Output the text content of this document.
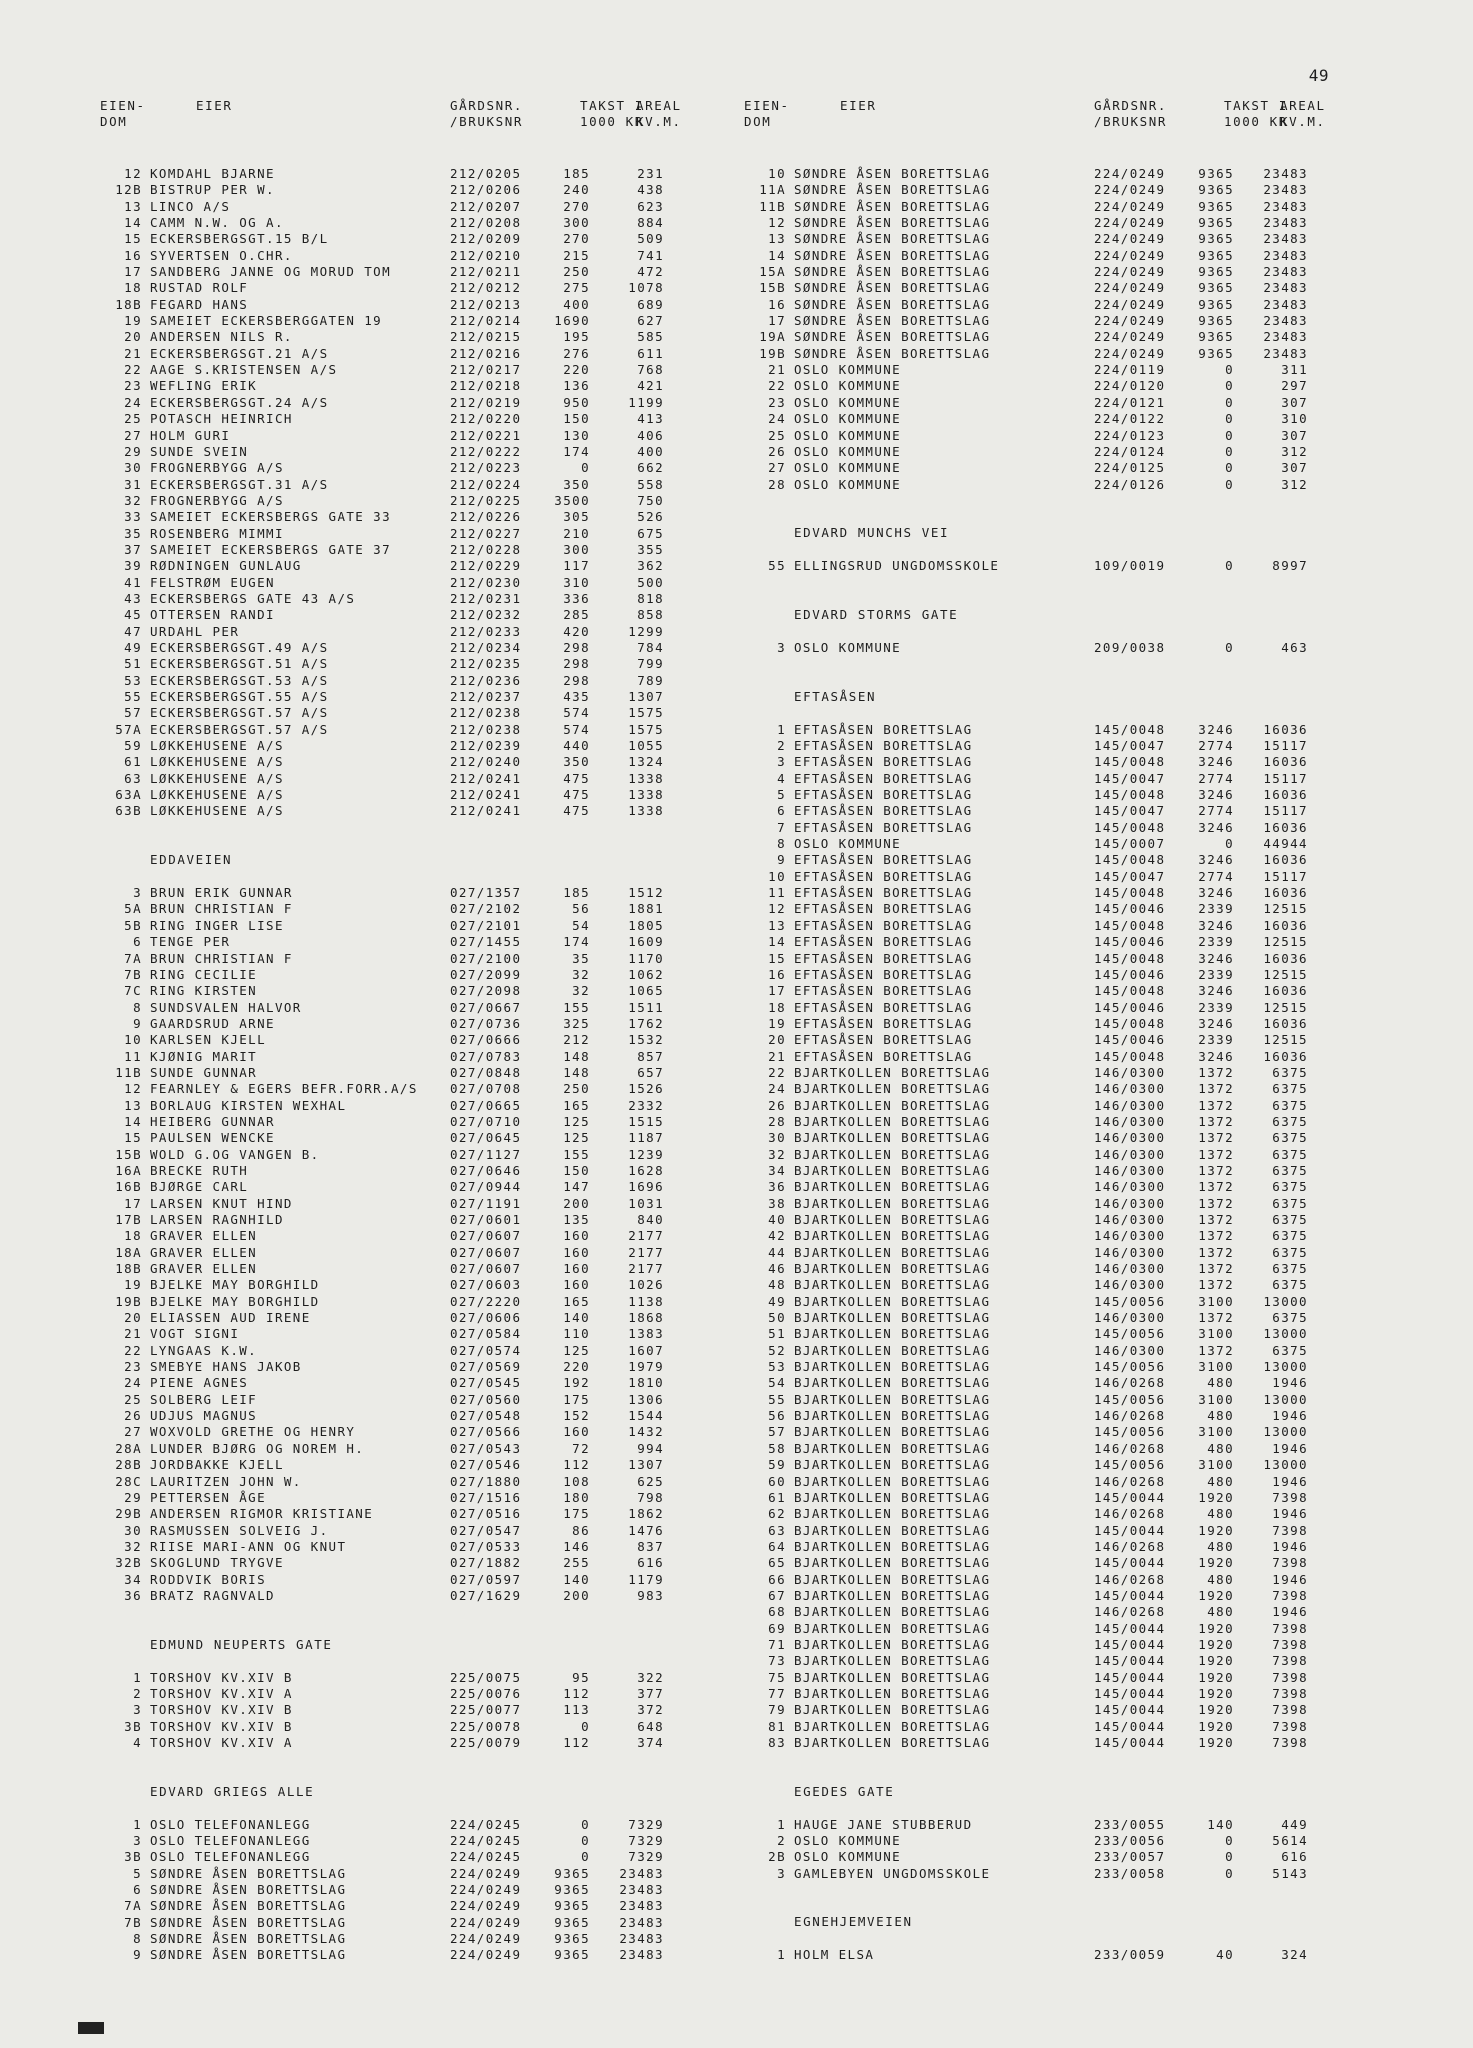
49
EIEN-
DOM
EIER	GÅRDSNR.
/BRUKSNR
TAKST I
1000 KR
AREAL
KV.M.
12 KOMDAHL BJARNE	212/0205	185	231
12B BISTRUP PER W.	212/0206	240	438
13 LINCO A/S	212/0207	270	623
14 CAMM N.W. OG A.	212/0208	300	884
15 ECKERSBERGSGT.15 B/L	212/0209	270	509
16 SYVERTSEN O.CHR.	212/0210	215	741
17 SANDBERG JANNE OG MORUD TOM	212/0211	250	472
18 RUSTAD ROLF	212/0212	275	1078
18B FEGARD HANS	212/0213	400	689
19 SAMEIET ECKERSBERGGATEN 19	212/0214	1690	627
20 ANDERSEN NILS R.	212/0215	195	585
21 ECKERSBERGSGT.21 A/S	212/0216	276	611
22 AAGE S.KRISTENSEN A/S	212/0217	220	768
23 WEFLING ERIK	212/0218	136	421
24 ECKERSBERGSGT.24 A/S	212/0219	950	1199
25 POTASCH HEINRICH	212/0220	150	413
27 HOLM GURI	212/0221	130	406
29 SUNDE SVEIN	212/0222	174	400
30 FROGNERBYGG A/S	212/0223	0	662
31 ECKERSBERGSGT.31 A/S	212/0224	350	558
32 FROGNERBYGG A/S	212/0225	3500	750
33 SAMEIET ECKERSBERGS GATE 33	212/0226	305	526
35 ROSENBERG MIMMI	212/0227	210	675
37 SAMEIET ECKERSBERGS GATE 37	212/0228	300	355
39 RØDNINGEN GUNLAUG	212/0229	117	362
41 FELSTRØM EUGEN	212/0230	310	500
43 ECKERSBERGS GATE 43 A/S	212/0231	336	818
45 OTTERSEN RANDI	212/0232	285	858
47 URDAHL PER	212/0233	420	1299
49 ECKERSBERGSGT.49 A/S	212/0234	298	784
51 ECKERSBERGSGT.51 A/S	212/0235	298	799
53 ECKERSBERGSGT.53 A/S	212/0236	298	789
55 ECKERSBERGSGT.55 A/S	212/0237	435	1307
57 ECKERSBERGSGT.57 A/S	212/0238	574	1575
57A ECKERSBERGSGT.57 A/S	212/0238	574	1575
59 LØKKEHUSENE A/S	212/0239	440	1055
61 LØKKEHUSENE A/S	212/0240	350	1324
63 LØKKEHUSENE A/S	212/0241	475	1338
63A LØKKEHUSENE A/S	212/0241	475	1338
63B LØKKEHUSENE A/S	212/0241	475	1338
EDDAVEIEN
3 BRUN ERIK GUNNAR	027/1357	185	1512
5A BRUN CHRISTIAN F	027/2102	56	1881
5B RING INGER LISE	027/2101	54	1805
6 TENGE PER	027/1455	174	1609
7A BRUN CHRISTIAN F	027/2100	35	1170
7B RING CECILIE	027/2099	32	1062
7C RING KIRSTEN	027/2098	32	1065
8 SUNDSVALEN HALVOR	027/0667	155	1511
9 GAARDSRUD ARNE	027/0736	325	1762
10 KARLSEN KJELL	027/0666	212	1532
11 KJØNIG MARIT	027/0783	148	857
11B SUNDE GUNNAR	027/0848	148	657
12 FEARNLEY & EGERS BEFR.FORR.A/S	027/0708	250	1526
13 BORLAUG KIRSTEN WEXHAL	027/0665	165	2332
14 HEIBERG GUNNAR	027/0710	125	1515
15 PAULSEN WENCKE	027/0645	125	1187
15B WOLD G.OG VANGEN B.	027/1127	155	1239
16A BRECKE RUTH	027/0646	150	1628
16B BJØRGE CARL	027/0944	147	1696
17 LARSEN KNUT HIND	027/1191	200	1031
17B LARSEN RAGNHILD	027/0601	135	840
18 GRAVER ELLEN	027/0607	160	2177
18A GRAVER ELLEN	027/0607	160	2177
18B GRAVER ELLEN	027/0607	160	2177
19 BJELKE MAY BORGHILD	027/0603	160	1026
19B BJELKE MAY BORGHILD	027/2220	165	1138
20 ELIASSEN AUD IRENE	027/0606	140	1868
21 VOGT SIGNI	027/0584	110	1383
22 LYNGAAS K.W.	027/0574	125	1607
23 SMEBYE HANS JAKOB	027/0569	220	1979
24 PIENE AGNES	027/0545	192	1810
25 SOLBERG LEIF	027/0560	175	1306
26 UDJUS MAGNUS	027/0548	152	1544
27 WOXVOLD GRETHE OG HENRY	027/0566	160	1432
28A LUNDER BJØRG OG NOREM H.	027/0543	72	994
28B JORDBAKKE KJELL	027/0546	112	1307
28C LAURITZEN JOHN W.	027/1880	108	625
29 PETTERSEN ÅGE	027/1516	180	798
29B ANDERSEN RIGMOR KRISTIANE	027/0516	175	1862
30 RASMUSSEN SOLVEIG J.	027/0547	86	1476
32 RIISE MARI-ANN OG KNUT	027/0533	146	837
32B SKOGLUND TRYGVE	027/1882	255	616
34 RODDVIK BORIS	027/0597	140	1179
36 BRATZ RAGNVALD	027/1629	200	983
EDMUND NEUPERTS GATE
1 TORSHOV KV.XIV B	225/0075	95	322
2 TORSHOV KV.XIV A	225/0076	112	377
3 TORSHOV KV.XIV B	225/0077	113	372
3B TORSHOV KV.XIV B	225/0078	0	648
4 TORSHOV KV.XIV A	225/0079	112	374
EDVARD GRIEGS ALLE
1 OSLO TELEFONANLEGG	224/0245	0	7329
3 OSLO TELEFONANLEGG	224/0245	0	7329
3B OSLO TELEFONANLEGG	224/0245	0	7329
5 SØNDRE ÅSEN BORETTSLAG	224/0249	9365 23483
6 SØNDRE ÅSEN BORETTSLAG	224/0249	9365 23483
7A SØNDRE ÅSEN BORETTSLAG	224/0249	9365 23483
7B SØNDRE ÅSEN BORETTSLAG	224/0249	9365 23483
8 SØNDRE ÅSEN BORETTSLAG	224/0249	9365 23483
9 SØNDRE ÅSEN BORETTSLAG	224/0249	9365 23483
EIEN-
DOM
EIER	GÅRDSNR.
/BRUKSNR
TAKST I
1000 KR
AREAL
KV.M.
10 SØNDRE ÅSEN BORETTSLAG	224/0249	9365 23483
11A SØNDRE ÅSEN BORETTSLAG	224/0249	9365 23483
11B SØNDRE ÅSEN BORETTSLAG	224/0249	9365 23483
12 SØNDRE ÅSEN BORETTSLAG	224/0249	9365 23483
13 SØNDRE ÅSEN BORETTSLAG	224/0249	9365 23483
14 SØNDRE ÅSEN BORETTSLAG	224/0249	9365 23483
15A SØNDRE ÅSEN BORETTSLAG	224/0249	9365 23483
15B SØNDRE ÅSEN BORETTSLAG	224/0249	9365 23483
16 SØNDRE ÅSEN BORETTSLAG	224/0249	9365 23483
17 SØNDRE ÅSEN BORETTSLAG	224/0249	9365 23483
19A SØNDRE ÅSEN BORETTSLAG	224/0249	9365 23483
19B SØNDRE ÅSEN BORETTSLAG	224/0249	9365 23483
21 OSLO KOMMUNE	224/0119	0	311
22 OSLO KOMMUNE	224/0120	0	297
23 OSLO KOMMUNE	224/0121	0	307
24 OSLO KOMMUNE	224/0122	0	310
25 OSLO KOMMUNE	224/0123	0	307
26 OSLO KOMMUNE	224/0124	0	312
27 OSLO KOMMUNE	224/0125	0	307
28 OSLO KOMMUNE	224/0126	0	312
EDVARD MUNCHS VEI
55 ELLINGSRUD UNGDOMSSKOLE	109/0019	0	8997
EDVARD STORMS GATE
3 OSLO KOMMUNE	209/0038	0	463
EFTASÅSEN
1 EFTASÅSEN BORETTSLAG	145/0048	3246 16036
2 EFTASÅSEN BORETTSLAG	145/0047	2774 15117
3 EFTASÅSEN BORETTSLAG	145/0048	3246 16036
4 EFTASÅSEN BORETTSLAG	145/0047	2774 15117
5 EFTASÅSEN BORETTSLAG	145/0048	3246 16036
6 EFTASÅSEN BORETTSLAG	145/0047	2774 15117
7 EFTASÅSEN BORETTSLAG	145/0048	3246 16036
8 OSLO KOMMUNE	145/0007	0 44944
9 EFTASÅSEN BORETTSLAG	145/0048	3246 16036
10 EFTASÅSEN BORETTSLAG	145/0047	2774 15117
11 EFTASÅSEN BORETTSLAG	145/0048	3246 16036
12 EFTASÅSEN BORETTSLAG	145/0046	2339 12515
13 EFTASÅSEN BORETTSLAG	145/0048	3246 16036
14 EFTASÅSEN BORETTSLAG	145/0046	2339 12515
15 EFTASÅSEN BORETTSLAG	145/0048	3246 16036
16 EFTASÅSEN BORETTSLAG	145/0046	2339 12515
17 EFTASÅSEN BORETTSLAG	145/0048	3246 16036
18 EFTASÅSEN BORETTSLAG	145/0046	2339 12515
19 EFTASÅSEN BORETTSLAG	145/0048	3246 16036
20 EFTASÅSEN BORETTSLAG	145/0046	2339 12515
21 EFTASÅSEN BORETTSLAG	145/0048	3246 16036
22 BJARTKOLLEN BORETTSLAG	146/0300	1372	6375
24 BJARTKOLLEN BORETTSLAG	146/0300	1372	6375
26 BJARTKOLLEN BORETTSLAG	146/0300	1372	6375
28 BJARTKOLLEN BORETTSLAG	146/0300	1372	6375
30 BJARTKOLLEN BORETTSLAG	146/0300	1372	6375
32 BJARTKOLLEN BORETTSLAG	146/0300	1372	6375
34 BJARTKOLLEN BORETTSLAG	146/0300	1372	6375
36 BJARTKOLLEN BORETTSLAG	146/0300	1372	6375
38 BJARTKOLLEN BORETTSLAG	146/0300	1372	6375
40 BJARTKOLLEN BORETTSLAG	146/0300	1372	6375
42 BJARTKOLLEN BORETTSLAG	146/0300	1372	6375
44 BJARTKOLLEN BORETTSLAG	146/0300	1372	6375
46 BJARTKOLLEN BORETTSLAG	146/0300	1372	6375
48 BJARTKOLLEN BORETTSLAG	146/0300	1372	6375
49 BJARTKOLLEN BORETTSLAG	145/0056	3100 13000
50 BJARTKOLLEN BORETTSLAG	146/0300	1372	6375
51 BJARTKOLLEN BORETTSLAG	145/0056	3100 13000
52 BJARTKOLLEN BORETTSLAG	146/0300	1372	6375
53 BJARTKOLLEN BORETTSLAG	145/0056	3100 13000
54 BJARTKOLLEN BORETTSLAG	146/0268	480	1946
55 BJARTKOLLEN BORETTSLAG	145/0056	3100 13000
56 BJARTKOLLEN BORETTSLAG	146/0268	480	1946
57 BJARTKOLLEN BORETTSLAG	145/0056	3100 13000
58 BJARTKOLLEN BORETTSLAG	146/0268	480	1946
59 BJARTKOLLEN BORETTSLAG	145/0056	3100 13000
60 BJARTKOLLEN BORETTSLAG	146/0268	480	1946
61 BJARTKOLLEN BORETTSLAG	145/0044	1920	7398
62 BJARTKOLLEN BORETTSLAG	146/0268	480	1946
63 BJARTKOLLEN BORETTSLAG	145/0044	1920	7398
64 BJARTKOLLEN BORETTSLAG	146/0268	480	1946
65 BJARTKOLLEN BORETTSLAG	145/0044	1920	7398
66 BJARTKOLLEN BORETTSLAG	146/0268	480	1946
67 BJARTKOLLEN BORETTSLAG	145/0044	1920	7398
68 BJARTKOLLEN BORETTSLAG	146/0268	480	1946
69 BJARTKOLLEN BORETTSLAG	145/0044	1920	7398
71 BJARTKOLLEN BORETTSLAG	145/0044	1920	7398
73 BJARTKOLLEN BORETTSLAG	145/0044	1920	7398
75 BJARTKOLLEN BORETTSLAG	145/0044	1920	7398
77 BJARTKOLLEN BORETTSLAG	145/0044	1920	7398
79 BJARTKOLLEN BORETTSLAG	145/0044	1920	7398
81 BJARTKOLLEN BORETTSLAG	145/0044	1920	7398
83 BJARTKOLLEN BORETTSLAG	145/0044	1920	7398
EGEDES GATE
1 HAUGE JANE STUBBERUD	233/0055	140	449
2 OSLO KOMMUNE	233/0056	0	5614
2B OSLO KOMMUNE	233/0057	0	616
3 GAMLEBYEN UNGDOMSSKOLE	233/0058	0	5143
EGNEHJEMVEIEN
1 HOLM ELSA	233/0059	40	324
